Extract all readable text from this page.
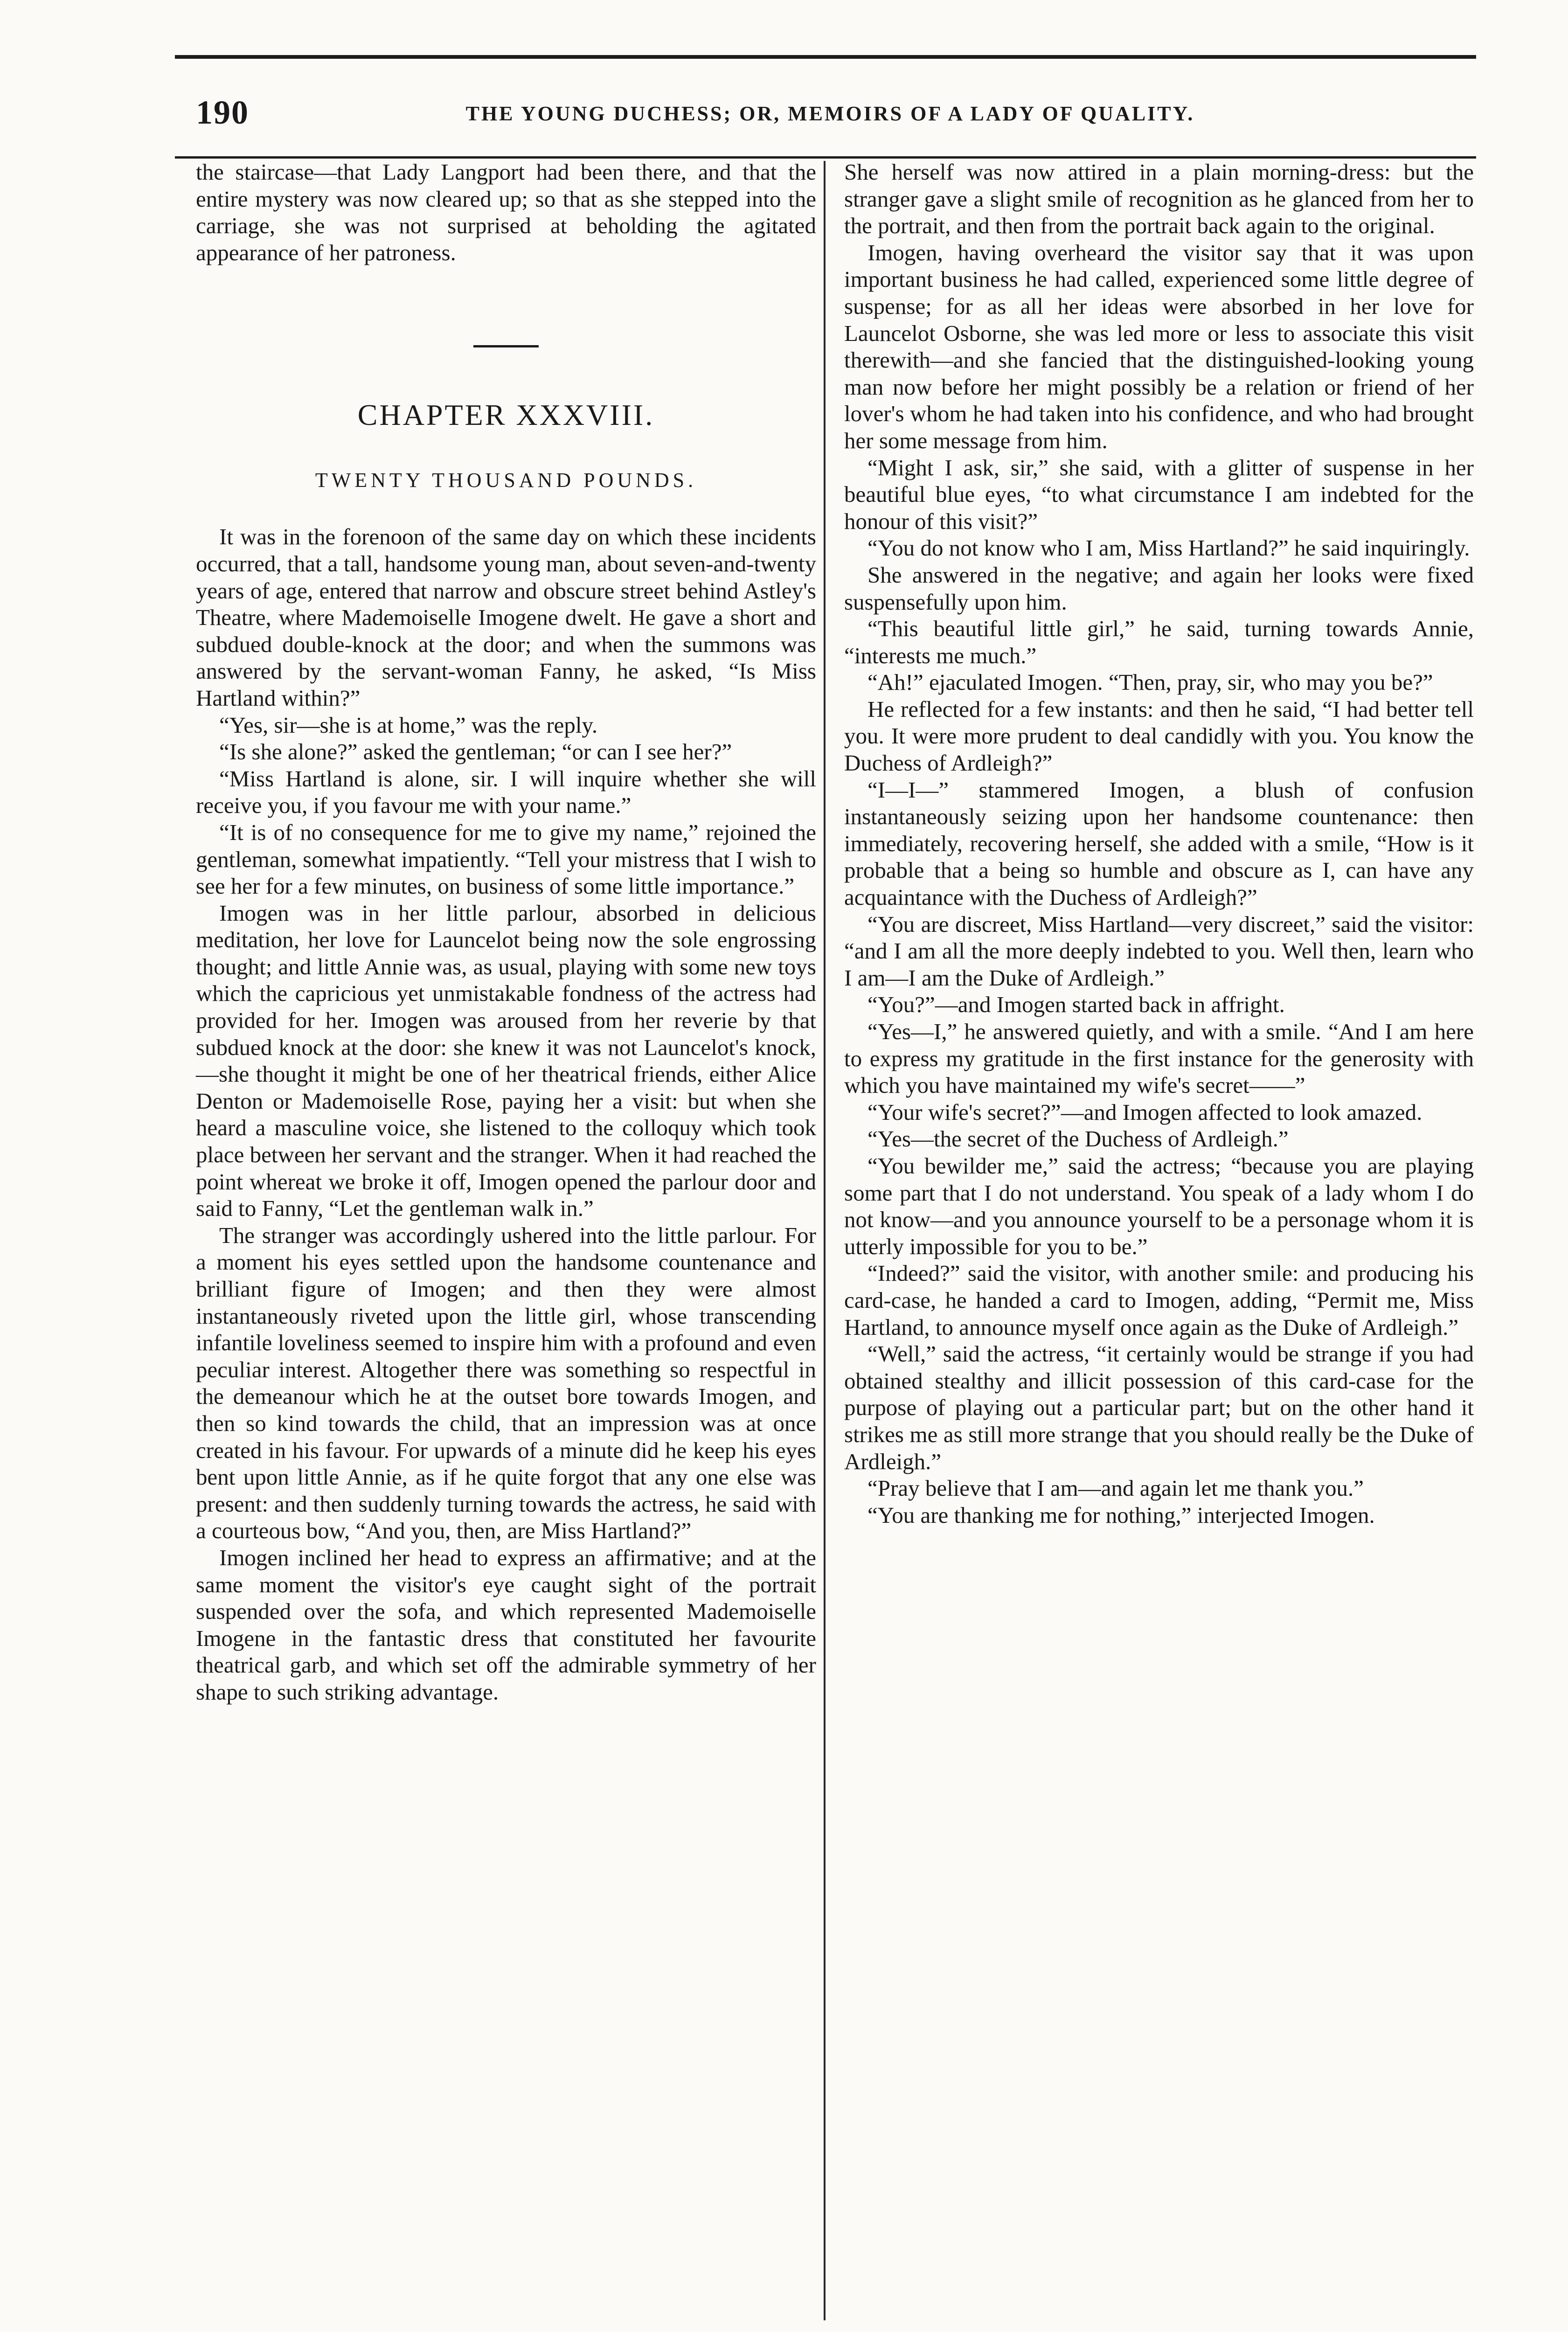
190	THE YOUNG DUCHESS; OR, MEMOIRS OF A LADY OF QUALITY.

the staircase—that Lady Langport had been there, and that the entire mystery was now cleared up; so that as she stepped into the carriage, she was not surprised at beholding the agitated appearance of her patroness.

CHAPTER XXXVIII.
TWENTY THOUSAND POUNDS.

It was in the forenoon of the same day on which these incidents occurred, that a tall, handsome young man, about seven-and-twenty years of age, entered that narrow and obscure street behind Astley's Theatre, where Mademoiselle Imogene dwelt. He gave a short and subdued double-knock at the door; and when the summons was answered by the servant-woman Fanny, he asked, “Is Miss Hartland within?”

“Yes, sir—she is at home,” was the reply.

“Is she alone?” asked the gentleman; “or can I see her?”

“Miss Hartland is alone, sir. I will inquire whether she will receive you, if you favour me with your name.”

“It is of no consequence for me to give my name,” rejoined the gentleman, somewhat impatiently. “Tell your mistress that I wish to see her for a few minutes, on business of some little importance.”

Imogen was in her little parlour, absorbed in delicious meditation, her love for Launcelot being now the sole engrossing thought; and little Annie was, as usual, playing with some new toys which the capricious yet unmistakable fondness of the actress had provided for her. Imogen was aroused from her reverie by that subdued knock at the door: she knew it was not Launcelot's knock,—she thought it might be one of her theatrical friends, either Alice Denton or Mademoiselle Rose, paying her a visit: but when she heard a masculine voice, she listened to the colloquy which took place between her servant and the stranger. When it had reached the point whereat we broke it off, Imogen opened the parlour door and said to Fanny, “Let the gentleman walk in.”

The stranger was accordingly ushered into the little parlour. For a moment his eyes settled upon the handsome countenance and brilliant figure of Imogen; and then they were almost instantaneously riveted upon the little girl, whose transcending infantile loveliness seemed to inspire him with a profound and even peculiar interest. Altogether there was something so respectful in the demeanour which he at the outset bore towards Imogen, and then so kind towards the child, that an impression was at once created in his favour. For upwards of a minute did he keep his eyes bent upon little Annie, as if he quite forgot that any one else was present: and then suddenly turning towards the actress, he said with a courteous bow, “And you, then, are Miss Hartland?”

Imogen inclined her head to express an affirmative; and at the same moment the visitor's eye caught sight of the portrait suspended over the sofa, and which represented Mademoiselle Imogene in the fantastic dress that constituted her favourite theatrical garb, and which set off the admirable symmetry of her shape to such striking advantage.

She herself was now attired in a plain morning-dress: but the stranger gave a slight smile of recognition as he glanced from her to the portrait, and then from the portrait back again to the original.

Imogen, having overheard the visitor say that it was upon important business he had called, experienced some little degree of suspense; for as all her ideas were absorbed in her love for Launcelot Osborne, she was led more or less to associate this visit therewith—and she fancied that the distinguished-looking young man now before her might possibly be a relation or friend of her lover's whom he had taken into his confidence, and who had brought her some message from him.

“Might I ask, sir,” she said, with a glitter of suspense in her beautiful blue eyes, “to what circumstance I am indebted for the honour of this visit?”

“You do not know who I am, Miss Hartland?” he said inquiringly.

She answered in the negative; and again her looks were fixed suspensefully upon him.

“This beautiful little girl,” he said, turning towards Annie, “interests me much.”

“Ah!” ejaculated Imogen. “Then, pray, sir, who may you be?”

He reflected for a few instants: and then he said, “I had better tell you. It were more prudent to deal candidly with you. You know the Duchess of Ardleigh?”

“I—I—” stammered Imogen, a blush of confusion instantaneously seizing upon her handsome countenance: then immediately, recovering herself, she added with a smile, “How is it probable that a being so humble and obscure as I, can have any acquaintance with the Duchess of Ardleigh?”

“You are discreet, Miss Hartland—very discreet,” said the visitor: “and I am all the more deeply indebted to you. Well then, learn who I am—I am the Duke of Ardleigh.”

“You?”—and Imogen started back in affright.

“Yes—I,” he answered quietly, and with a smile. “And I am here to express my gratitude in the first instance for the generosity with which you have maintained my wife's secret——”

“Your wife's secret?”—and Imogen affected to look amazed.

“Yes—the secret of the Duchess of Ardleigh.”

“You bewilder me,” said the actress; “because you are playing some part that I do not understand. You speak of a lady whom I do not know—and you announce yourself to be a personage whom it is utterly impossible for you to be.”

“Indeed?” said the visitor, with another smile: and producing his card-case, he handed a card to Imogen, adding, “Permit me, Miss Hartland, to announce myself once again as the Duke of Ardleigh.”

“Well,” said the actress, “it certainly would be strange if you had obtained stealthy and illicit possession of this card-case for the purpose of playing out a particular part; but on the other hand it strikes me as still more strange that you should really be the Duke of Ardleigh.”

“Pray believe that I am—and again let me thank you.”

“You are thanking me for nothing,” interjected Imogen.
